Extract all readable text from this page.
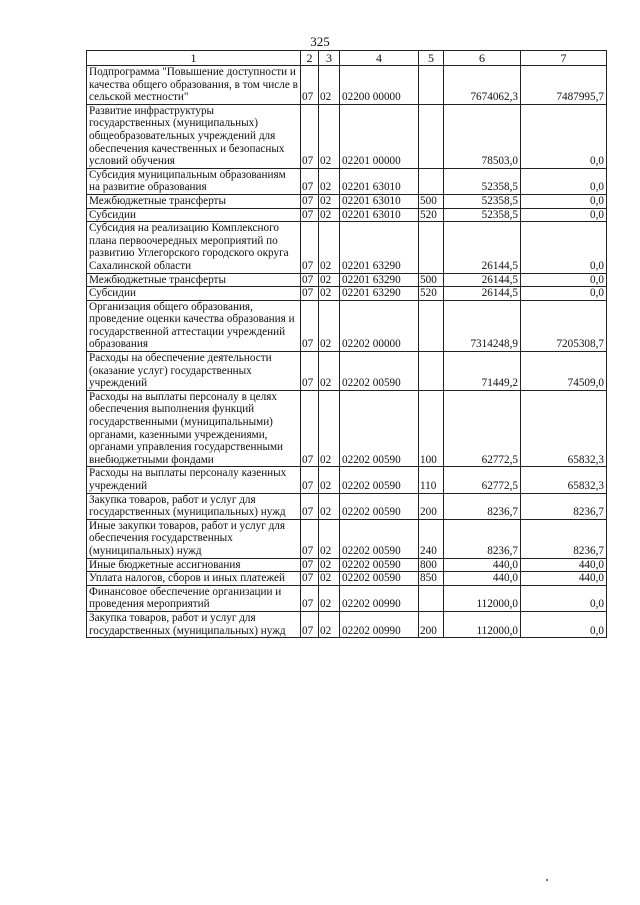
325
1	2	3	4	5	6	7
Подпрограмма "Повышение доступности и качества общего образования, в том числе в сельской местности"	07	02	02200 00000		7674062,3	7487995,7
Развитие инфраструктуры государственных (муниципальных) общеобразовательных учреждений для обеспечения качественных и безопасных условий обучения	07	02	02201 00000		78503,0	0,0
Субсидия муниципальным образованиям на развитие образования	07	02	02201 63010		52358,5	0,0
Межбюджетные трансферты	07	02	02201 63010	500	52358,5	0,0
Субсидии	07	02	02201 63010	520	52358,5	0,0
Субсидия на реализацию Комплексного плана первоочередных мероприятий по развитию Углегорского городского округа Сахалинской области	07	02	02201 63290		26144,5	0,0
Межбюджетные трансферты	07	02	02201 63290	500	26144,5	0,0
Субсидии	07	02	02201 63290	520	26144,5	0,0
Организация общего образования, проведение оценки качества образования и государственной аттестации учреждений образования	07	02	02202 00000		7314248,9	7205308,7
Расходы на обеспечение деятельности (оказание услуг) государственных учреждений	07	02	02202 00590		71449,2	74509,0
Расходы на выплаты персоналу в целях обеспечения выполнения функций государственными (муниципальными) органами, казенными учреждениями, органами управления государственными внебюджетными фондами	07	02	02202 00590	100	62772,5	65832,3
Расходы на выплаты персоналу казенных учреждений	07	02	02202 00590	110	62772,5	65832,3
Закупка товаров, работ и услуг для государственных (муниципальных) нужд	07	02	02202 00590	200	8236,7	8236,7
Иные закупки товаров, работ и услуг для обеспечения государственных (муниципальных) нужд	07	02	02202 00590	240	8236,7	8236,7
Иные бюджетные ассигнования	07	02	02202 00590	800	440,0	440,0
Уплата налогов, сборов и иных платежей	07	02	02202 00590	850	440,0	440,0
Финансовое обеспечение организации и проведения мероприятий	07	02	02202 00990		112000,0	0,0
Закупка товаров, работ и услуг для государственных (муниципальных) нужд	07	02	02202 00990	200	112000,0	0,0
